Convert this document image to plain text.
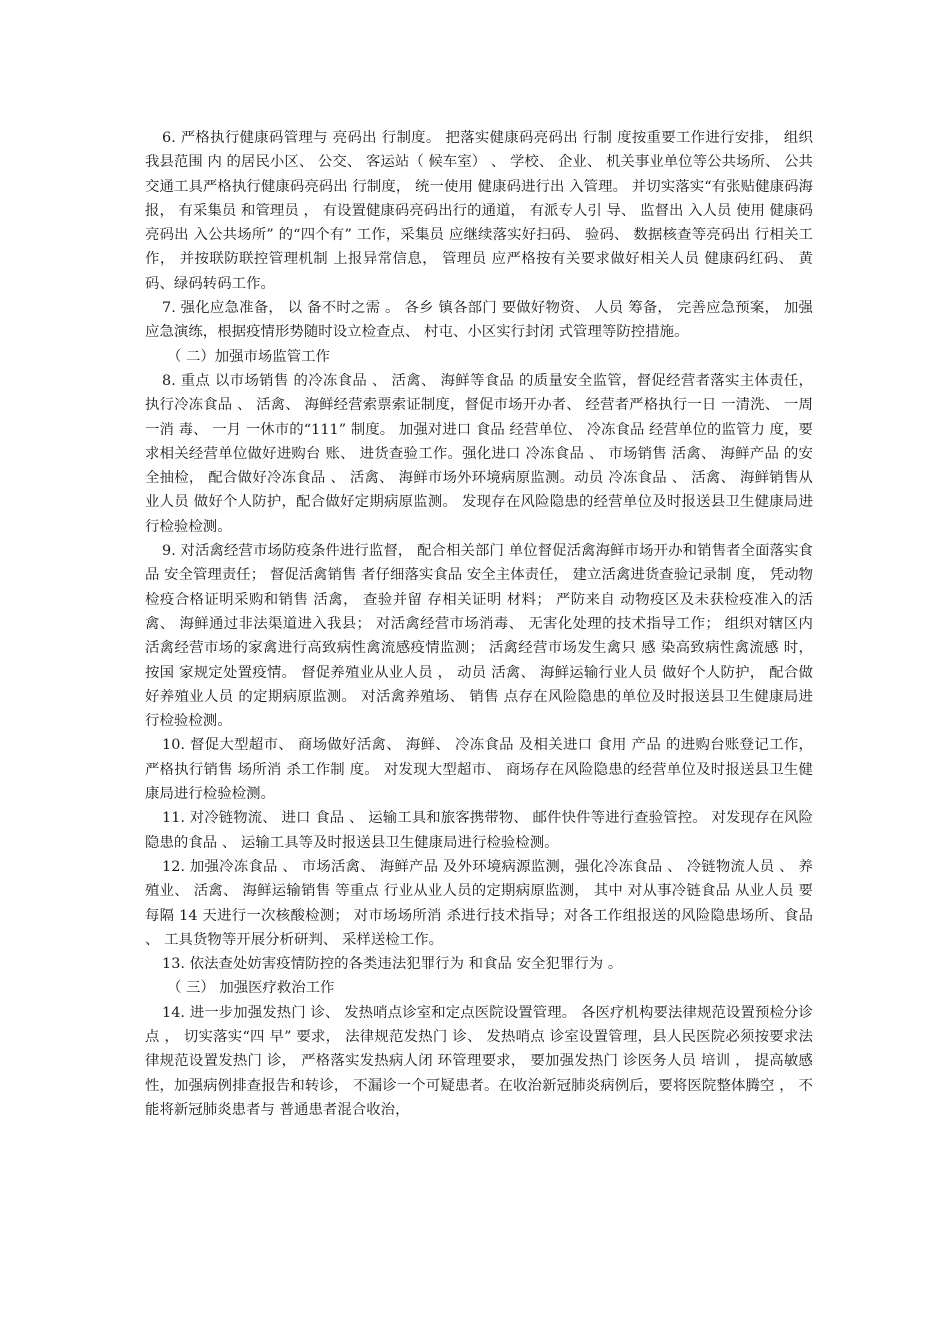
6. 严格执行健康码管理与 亮码出 行制度。 把落实健康码亮码出 行制 度按重要工作进行安排， 组织我县范围 内 的居民小区、 公交、 客运站（ 候车室） 、 学校、 企业、 机关事业单位等公共场所、 公共交通工具严格执行健康码亮码出 行制度， 统一使用 健康码进行出 入管理。 并切实落实“有张贴健康码海报， 有采集员 和管理员 ， 有设置健康码亮码出行的通道， 有派专人引 导、 监督出 入人员 使用 健康码亮码出 入公共场所” 的“四个有” 工作，采集员 应继续落实好扫码、 验码、 数据核查等亮码出 行相关工作， 并按联防联控管理机制 上报异常信息， 管理员 应严格按有关要求做好相关人员 健康码红码、 黄码、绿码转码工作。

7. 强化应急准备， 以 备不时之需 。 各乡 镇各部门 要做好物资、 人员 筹备， 完善应急预案， 加强应急演练，根据疫情形势随时设立检查点、 村屯、小区实行封闭 式管理等防控措施。

（ 二）加强市场监管工作

8. 重点 以市场销售 的冷冻食品 、 活禽、 海鲜等食品 的质量安全监管，督促经营者落实主体责任， 执行冷冻食品 、 活禽、 海鲜经营索票索证制度，督促市场开办者、 经营者严格执行一日 一清洗、 一周 一消 毒、 一月 一休市的“111” 制度。 加强对进口 食品 经营单位、 冷冻食品 经营单位的监管力 度，要求相关经营单位做好进购台 账、 进货查验工作。强化进口 冷冻食品 、 市场销售 活禽、 海鲜产品 的安全抽检， 配合做好冷冻食品 、 活禽、 海鲜市场外环境病原监测。动员 冷冻食品 、 活禽、 海鲜销售从业人员 做好个人防护，配合做好定期病原监测。 发现存在风险隐患的经营单位及时报送县卫生健康局进行检验检测。

9. 对活禽经营市场防疫条件进行监督， 配合相关部门 单位督促活禽海鲜市场开办和销售者全面落实食品 安全管理责任； 督促活禽销售 者仔细落实食品 安全主体责任， 建立活禽进货查验记录制 度， 凭动物检疫合格证明采购和销售 活禽， 查验并留 存相关证明 材料； 严防来自 动物疫区及未获检疫准入的活禽、 海鲜通过非法渠道进入我县； 对活禽经营市场消毒、 无害化处理的技术指导工作； 组织对辖区内 活禽经营市场的家禽进行高致病性禽流感疫情监测； 活禽经营市场发生禽只 感 染高致病性禽流感 时， 按国 家规定处置疫情。 督促养殖业从业人员 ， 动员 活禽、 海鲜运输行业人员 做好个人防护， 配合做好养殖业人员 的定期病原监测。 对活禽养殖场、 销售 点存在风险隐患的单位及时报送县卫生健康局进行检验检测。

10. 督促大型超市、 商场做好活禽、 海鲜、 冷冻食品 及相关进口 食用 产品 的进购台账登记工作， 严格执行销售 场所消 杀工作制 度。 对发现大型超市、 商场存在风险隐患的经营单位及时报送县卫生健康局进行检验检测。

11. 对冷链物流、 进口 食品 、 运输工具和旅客携带物、 邮件快件等进行查验管控。 对发现存在风险隐患的食品 、 运输工具等及时报送县卫生健康局进行检验检测。

12. 加强冷冻食品 、 市场活禽、 海鲜产品 及外环境病源监测，强化冷冻食品 、 冷链物流人员 、 养殖业、 活禽、 海鲜运输销售 等重点 行业从业人员的定期病原监测， 其中 对从事冷链食品 从业人员 要每隔 14 天进行一次核酸检测； 对市场场所消 杀进行技术指导；对各工作组报送的风险隐患场所、食品 、 工具货物等开展分析研判、 采样送检工作。

13. 依法查处妨害疫情防控的各类违法犯罪行为 和食品 安全犯罪行为 。

（ 三） 加强医疗救治工作

14. 进一步加强发热门 诊、 发热哨点诊室和定点医院设置管理。 各医疗机构要法律规范设置预检分诊点 ， 切实落实“四 早” 要求， 法律规范发热门 诊、 发热哨点 诊室设置管理，县人民医院必须按要求法律规范设置发热门 诊， 严格落实发热病人闭 环管理要求， 要加强发热门 诊医务人员 培训 ， 提高敏感性，加强病例排查报告和转诊， 不漏诊一个可疑患者。在收治新冠肺炎病例后，要将医院整体腾空 ， 不能将新冠肺炎患者与 普通患者混合收治，
